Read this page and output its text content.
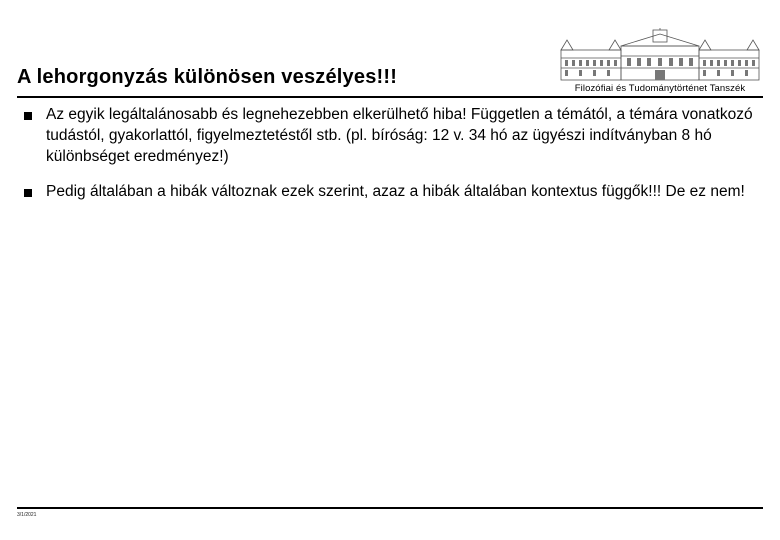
A lehorgonyzás különösen veszélyes!!!
Filozófiai és Tudománytörténet Tanszék
Az egyik legáltalánosabb és legnehezebben elkerülhető hiba! Független a témától, a témára vonatkozó tudástól, gyakorlattól, figyelmeztetéstől stb. (pl. bíróság: 12 v. 34 hó az ügyészi indítványban 8 hó különbséget eredményez!)
Pedig általában a hibák változnak ezek szerint, azaz a hibák általában kontextus függők!!! De ez nem!
3/1/2021
